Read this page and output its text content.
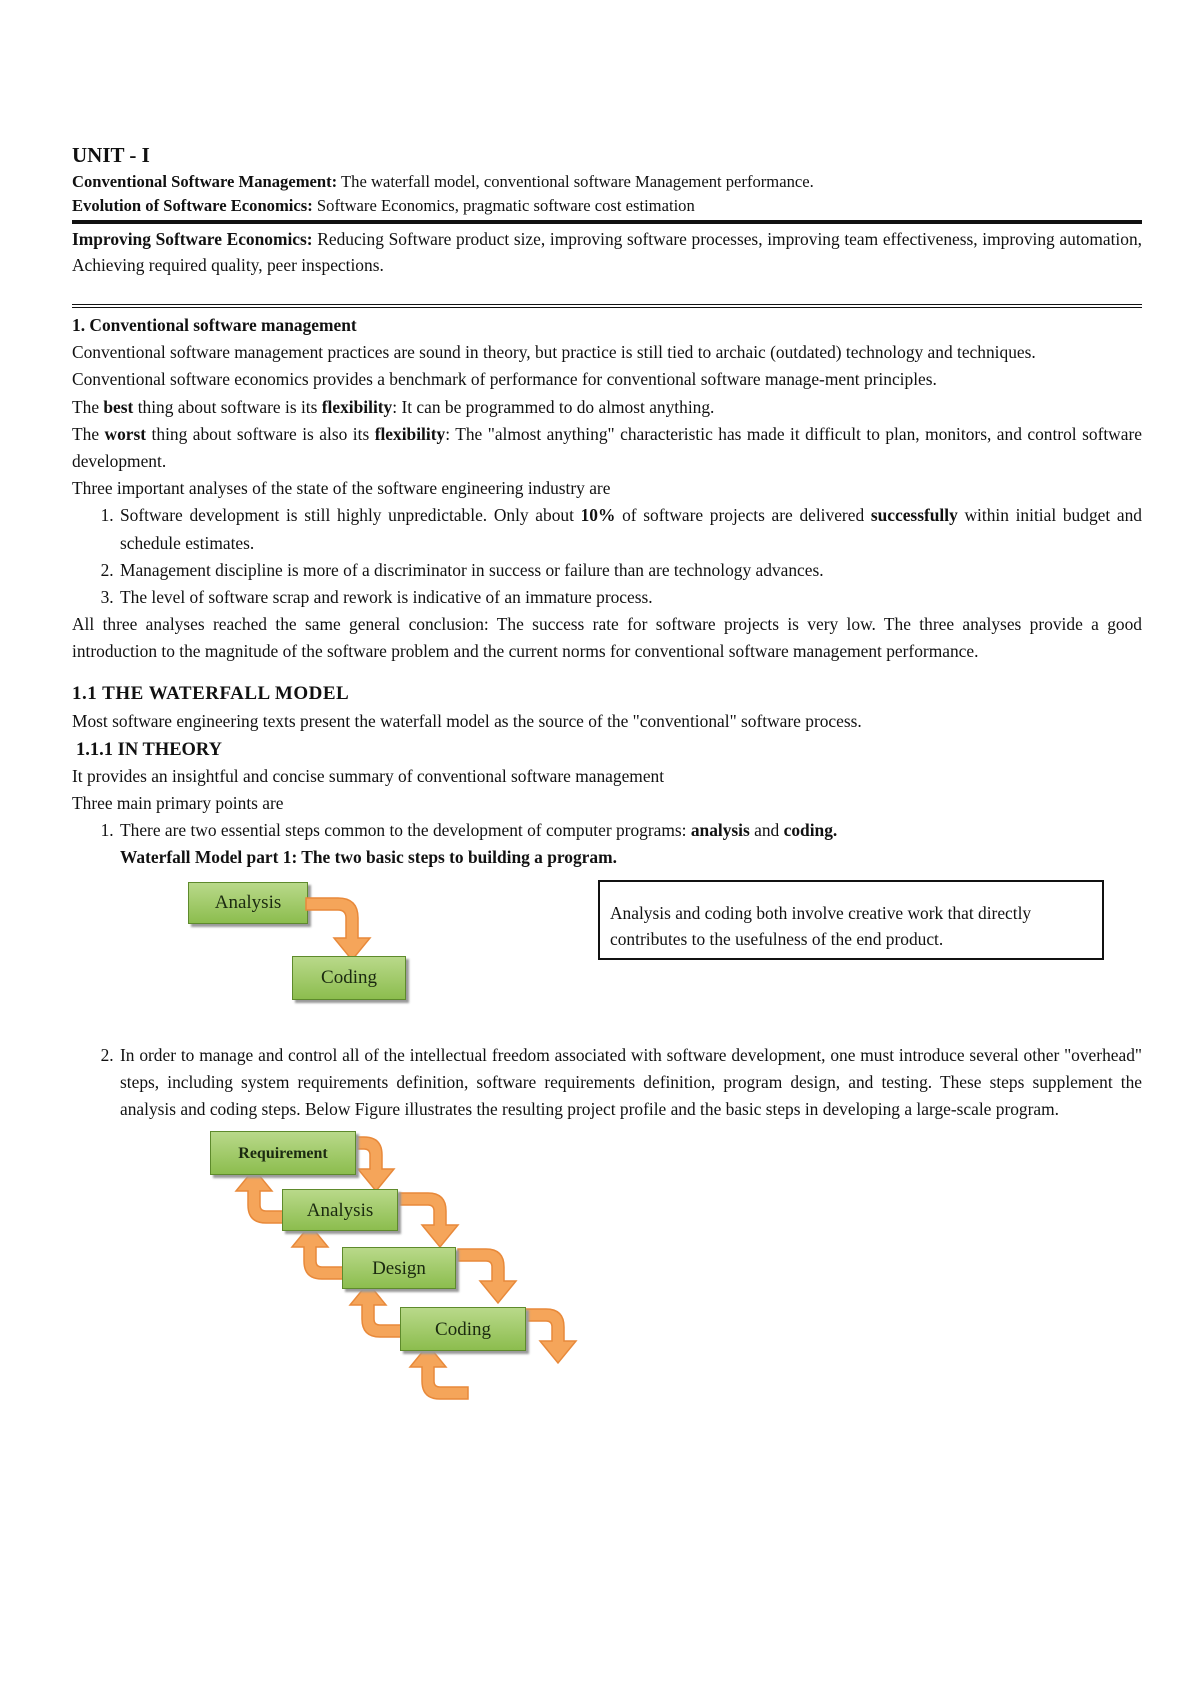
UNIT - I
Conventional Software Management: The waterfall model, conventional software Management performance.
Evolution of Software Economics: Software Economics, pragmatic software cost estimation
Improving Software Economics: Reducing Software product size, improving software processes, improving team effectiveness, improving automation, Achieving required quality, peer inspections.
1. Conventional software management

Conventional software management practices are sound in theory, but practice is still tied to archaic (outdated) technology and techniques.

Conventional software economics provides a benchmark of performance for conventional software manage-ment principles.

The best thing about software is its flexibility: It can be programmed to do almost anything.

The worst thing about software is also its flexibility: The "almost anything" characteristic has made it difficult to plan, monitors, and control software development.

Three important analyses of the state of the software engineering industry are

1. Software development is still highly unpredictable. Only about 10% of software projects are delivered successfully within initial budget and schedule estimates.
2. Management discipline is more of a discriminator in success or failure than are technology advances.
3. The level of software scrap and rework is indicative of an immature process.

All three analyses reached the same general conclusion: The success rate for software projects is very low. The three analyses provide a good introduction to the magnitude of the software problem and the current norms for conventional software management performance.

1.1 THE WATERFALL MODEL

Most software engineering texts present the waterfall model as the source of the "conventional" software process.

1.1.1 IN THEORY

It provides an insightful and concise summary of conventional software management

Three main primary points are

1. There are two essential steps common to the development of computer programs: analysis and coding.
Waterfall Model part 1: The two basic steps to building a program.
Analysis
Coding
Analysis and coding both involve creative work that directly contributes to the usefulness of the end product.
2. In order to manage and control all of the intellectual freedom associated with software development, one must introduce several other "overhead" steps, including system requirements definition, software requirements definition, program design, and testing. These steps supplement the analysis and coding steps. Below Figure illustrates the resulting project profile and the basic steps in developing a large-scale program.
Requirement
Analysis
Design
Coding
